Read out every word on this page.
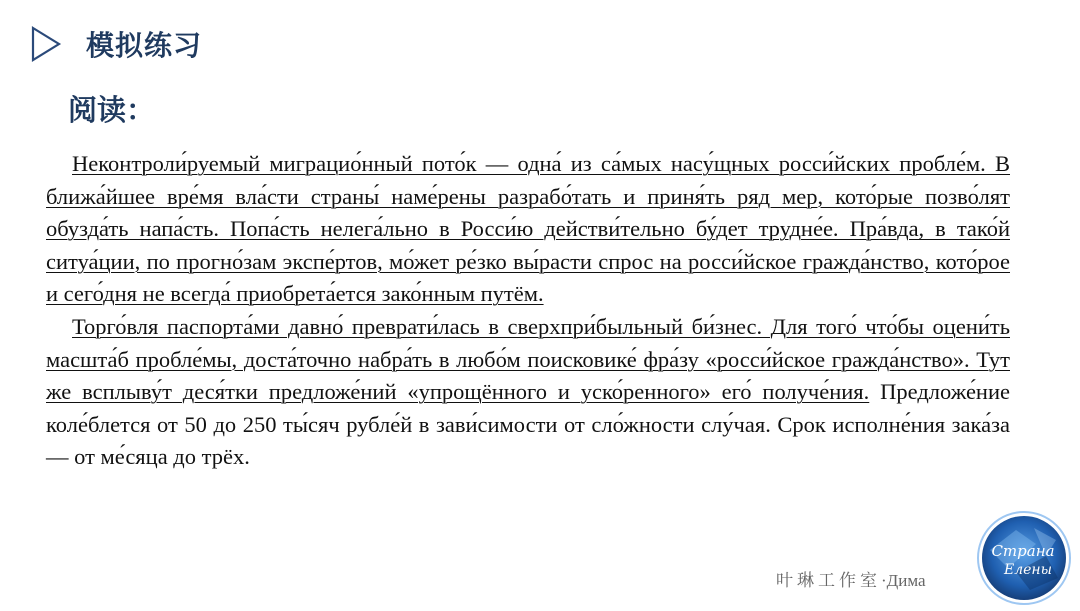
模拟练习
阅读：

Неконтроли́руемый миграцио́нный пото́к — одна́ из са́мых насу́щных росси́йских пробле́м. В ближа́йшее вре́мя вла́сти страны́ наме́рены разрабо́тать и приня́ть ряд мер, кото́рые позво́лят обузда́ть напа́сть. Попа́сть нелега́льно в Росси́ю действи́тельно бу́дет трудне́е. Пра́вда, в тако́й ситуа́ции, по прогно́зам экспе́ртов, мо́жет ре́зко вы́расти спрос на росси́йское гражда́нство, кото́рое и сего́дня не всегда́ приобрета́ется зако́нным путём.

Торго́вля паспорта́ми давно́ преврати́лась в сверхпри́быльный би́знес. Для того́ что́бы оцени́ть масшта́б пробле́мы, доста́точно набра́ть в любо́м поисковике́ фра́зу «росси́йское гражда́нство». Тут же всплыву́т деся́тки предложе́ний «упрощённого и уско́ренного» его́ получе́ния. Предложе́ние коле́блется от 50 до 250 ты́сяч рубле́й в зави́симости от сло́жности слу́чая. Срок исполне́ния зака́за — от ме́сяца до трёх.

叶琳工作室·Дима
Страна
Елены
